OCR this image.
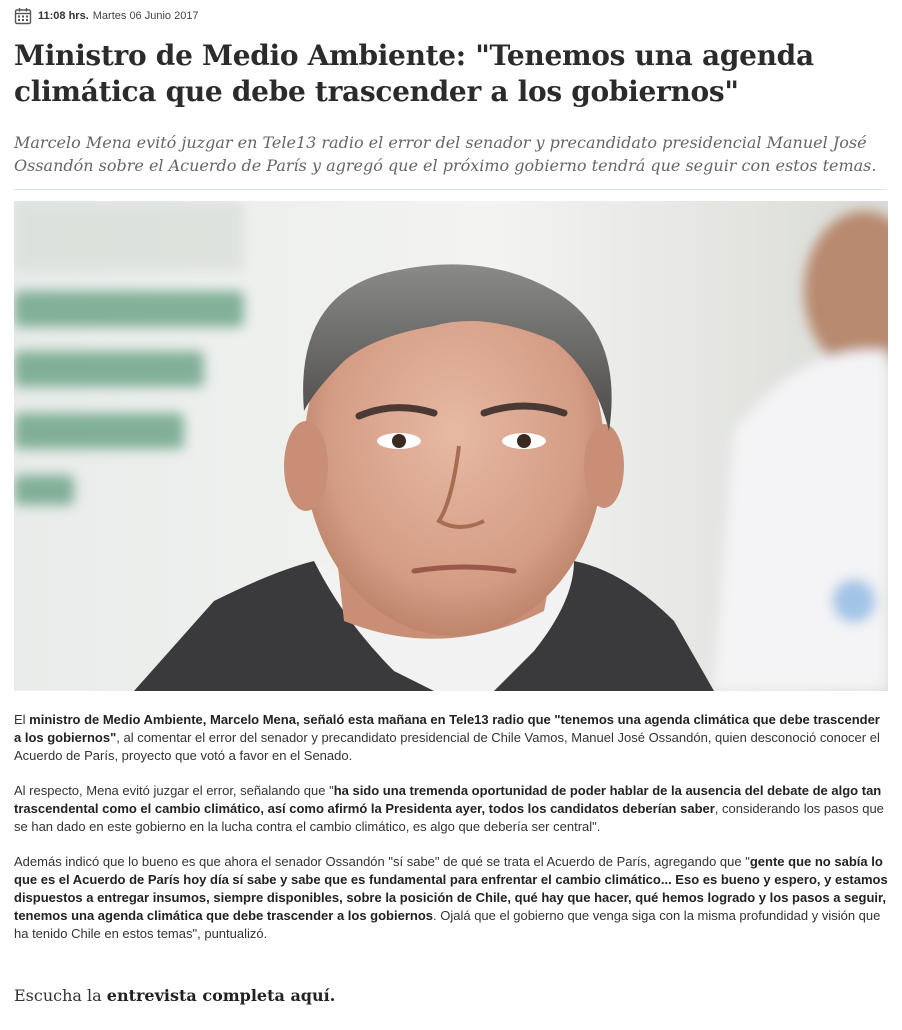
11:08 hrs. Martes 06 Junio 2017
Ministro de Medio Ambiente: "Tenemos una agenda climática que debe trascender a los gobiernos"

Marcelo Mena evitó juzgar en Tele13 radio el error del senador y precandidato presidencial Manuel José Ossandón sobre el Acuerdo de París y agregó que el próximo gobierno tendrá que seguir con estos temas.

El ministro de Medio Ambiente, Marcelo Mena, señaló esta mañana en Tele13 radio que "tenemos una agenda climática que debe trascender a los gobiernos", al comentar el error del senador y precandidato presidencial de Chile Vamos, Manuel José Ossandón, quien desconoció conocer el Acuerdo de París, proyecto que votó a favor en el Senado.

Al respecto, Mena evitó juzgar el error, señalando que "ha sido una tremenda oportunidad de poder hablar de la ausencia del debate de algo tan trascendental como el cambio climático, así como afirmó la Presidenta ayer, todos los candidatos deberían saber, considerando los pasos que se han dado en este gobierno en la lucha contra el cambio climático, es algo que debería ser central".

Además indicó que lo bueno es que ahora el senador Ossandón "sí sabe" de qué se trata el Acuerdo de París, agregando que "gente que no sabía lo que es el Acuerdo de París hoy día sí sabe y sabe que es fundamental para enfrentar el cambio climático... Eso es bueno y espero, y estamos dispuestos a entregar insumos, siempre disponibles, sobre la posición de Chile, qué hay que hacer, qué hemos logrado y los pasos a seguir, tenemos una agenda climática que debe trascender a los gobiernos. Ojalá que el gobierno que venga siga con la misma profundidad y visión que ha tenido Chile en estos temas", puntualizó.

Escucha la entrevista completa aquí.
